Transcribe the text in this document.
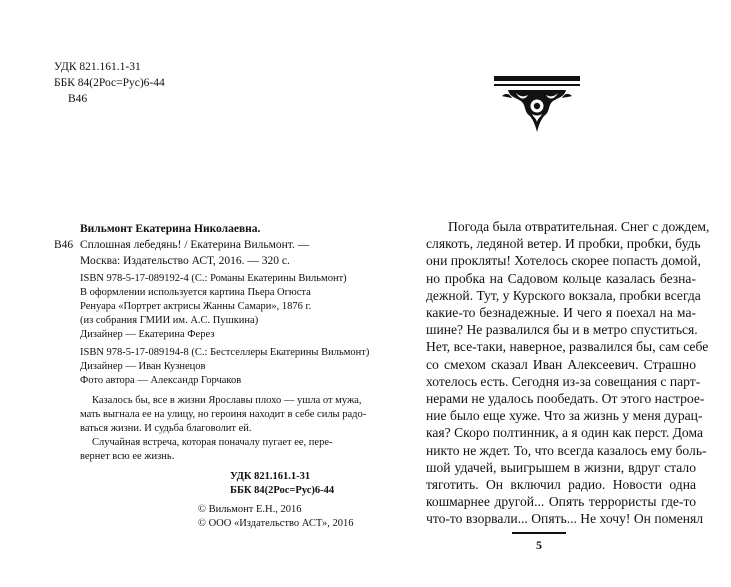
УДК 821.161.1-31
ББК 84(2Рос=Рус)6-44
В46
Вильмонт Екатерина Николаевна.
В46 Сплошная лебедянь! / Екатерина Вильмонт. —
Москва: Издательство АСТ, 2016. — 320 с.
ISBN 978-5-17-089192-4 (С.: Романы Екатерины Вильмонт)
В оформлении используется картина Пьера Огюста
Ренуара «Портрет актрисы Жанны Самари», 1876 г.
(из собрания ГМИИ им. А.С. Пушкина)
Дизайнер — Екатерина Ферез
ISBN 978-5-17-089194-8 (С.: Бестселлеры Екатерины Вильмонт)
Дизайнер — Иван Кузнецов
Фото автора — Александр Горчаков
Казалось бы, все в жизни Ярославы плохо — ушла от мужа,
мать выгнала ее на улицу, но героиня находит в себе силы радо-
ваться жизни. И судьба благоволит ей.
Случайная встреча, которая поначалу пугает ее, пере-
вернет всю ее жизнь.
УДК 821.161.1-31
ББК 84(2Рос=Рус)6-44
© Вильмонт Е.Н., 2016
© ООО «Издательство АСТ», 2016
Погода была отвратительная. Снег с дождем,
слякоть, ледяной ветер. И пробки, пробки, будь
они прокляты! Хотелось скорее попасть домой,
но пробка на Садовом кольце казалась безна-
дежной. Тут, у Курского вокзала, пробки всегда
какие-то безнадежные. И чего я поехал на ма-
шине? Не развалился бы и в метро спуститься.
Нет, все-таки, наверное, развалился бы, сам себе
со смехом сказал Иван Алексеевич. Страшно
хотелось есть. Сегодня из-за совещания с парт-
нерами не удалось пообедать. От этого настрое-
ние было еще хуже. Что за жизнь у меня дурац-
кая? Скоро полтинник, а я один как перст. Дома
никто не ждет. То, что всегда казалось ему боль-
шой удачей, выигрышем в жизни, вдруг стало
тяготить. Он включил радио. Новости одна
кошмарнее другой... Опять террористы где-то
что-то взорвали... Опять... Не хочу! Он поменял
5
